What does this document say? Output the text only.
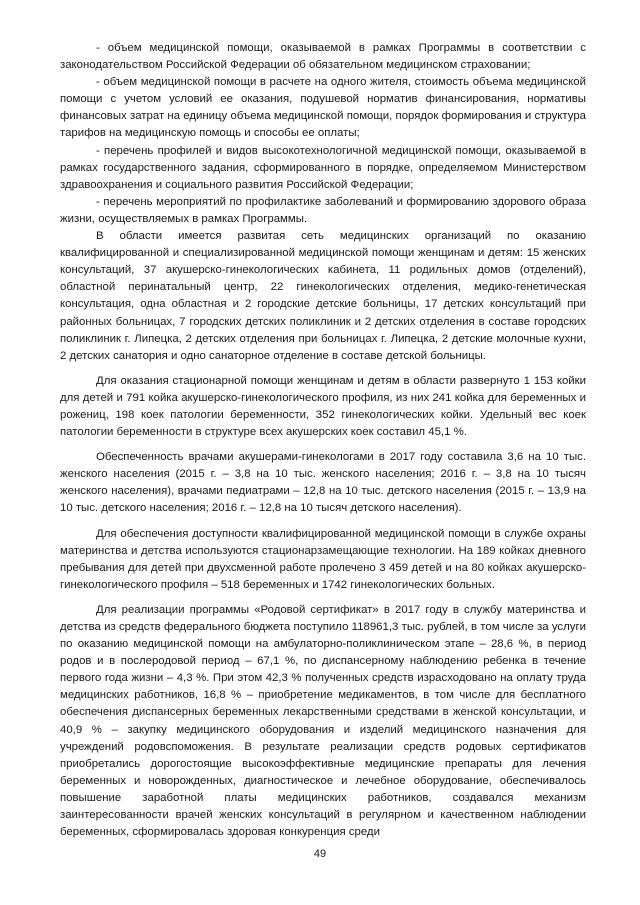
- объем медицинской помощи, оказываемой в рамках Программы в соответствии с законодательством Российской Федерации об обязательном медицинском страховании;

- объем медицинской помощи в расчете на одного жителя, стоимость объема медицинской помощи с учетом условий ее оказания, подушевой норматив финансирования, нормативы финансовых затрат на единицу объема медицинской помощи, порядок формирования и структура тарифов на медицинскую помощь и способы ее оплаты;

- перечень профилей и видов высокотехнологичной медицинской помощи, оказываемой в рамках государственного задания, сформированного в порядке, определяемом Министерством здравоохранения и социального развития Российской Федерации;

- перечень мероприятий по профилактике заболеваний и формированию здорового образа жизни, осуществляемых в рамках Программы.

В области имеется развитая сеть медицинских организаций по оказанию квалифицированной и специализированной медицинской помощи женщинам и детям: 15 женских консультаций, 37 акушерско-гинекологических кабинета, 11 родильных домов (отделений), областной перинатальный центр, 22 гинекологических отделения, медико-генетическая консультация, одна областная и 2 городские детские больницы, 17 детских консультаций при районных больницах, 7 городских детских поликлиник и 2 детских отделения в составе городских поликлиник г. Липецка, 2 детских отделения при больницах г. Липецка, 2 детские молочные кухни, 2 детских санатория и одно санаторное отделение в составе детской больницы.

Для оказания стационарной помощи женщинам и детям в области развернуто 1 153 койки для детей и 791 койка акушерско-гинекологического профиля, из них 241 койка для беременных и рожениц, 198 коек патологии беременности, 352 гинекологических койки. Удельный вес коек патологии беременности в структуре всех акушерских коек составил 45,1 %.

Обеспеченность врачами акушерами-гинекологами в 2017 году составила 3,6 на 10 тыс. женского населения (2015 г. – 3,8 на 10 тыс. женского населения; 2016 г. – 3,8 на 10 тысяч женского населения), врачами педиатрами – 12,8 на 10 тыс. детского населения (2015 г. – 13,9 на 10 тыс. детского населения; 2016 г. – 12,8 на 10 тысяч детского населения).

Для обеспечения доступности квалифицированной медицинской помощи в службе охраны материнства и детства используются стационарзамещающие технологии. На 189 койках дневного пребывания для детей при двухсменной работе пролечено 3 459 детей и на 80 койках акушерско-гинекологического профиля – 518 беременных и 1742 гинекологических больных.

Для реализации программы «Родовой сертификат» в 2017 году в службу материнства и детства из средств федерального бюджета поступило 118961,3 тыс. рублей, в том числе за услуги по оказанию медицинской помощи на амбулаторно-поликлиническом этапе – 28,6 %, в период родов и в послеродовой период – 67,1 %, по диспансерному наблюдению ребенка в течение первого года жизни – 4,3 %. При этом 42,3 % полученных средств израсходовано на оплату труда медицинских работников, 16,8 % – приобретение медикаментов, в том числе для бесплатного обеспечения диспансерных беременных лекарственными средствами в женской консультации, и 40,9 % – закупку медицинского оборудования и изделий медицинского назначения для учреждений родовспоможения. В результате реализации средств родовых сертификатов приобретались дорогостоящие высокоэффективные медицинские препараты для лечения беременных и новорожденных, диагностическое и лечебное оборудование, обеспечивалось повышение заработной платы медицинских работников, создавался механизм заинтересованности врачей женских консультаций в регулярном и качественном наблюдении беременных, сформировалась здоровая конкуренция среди

49
